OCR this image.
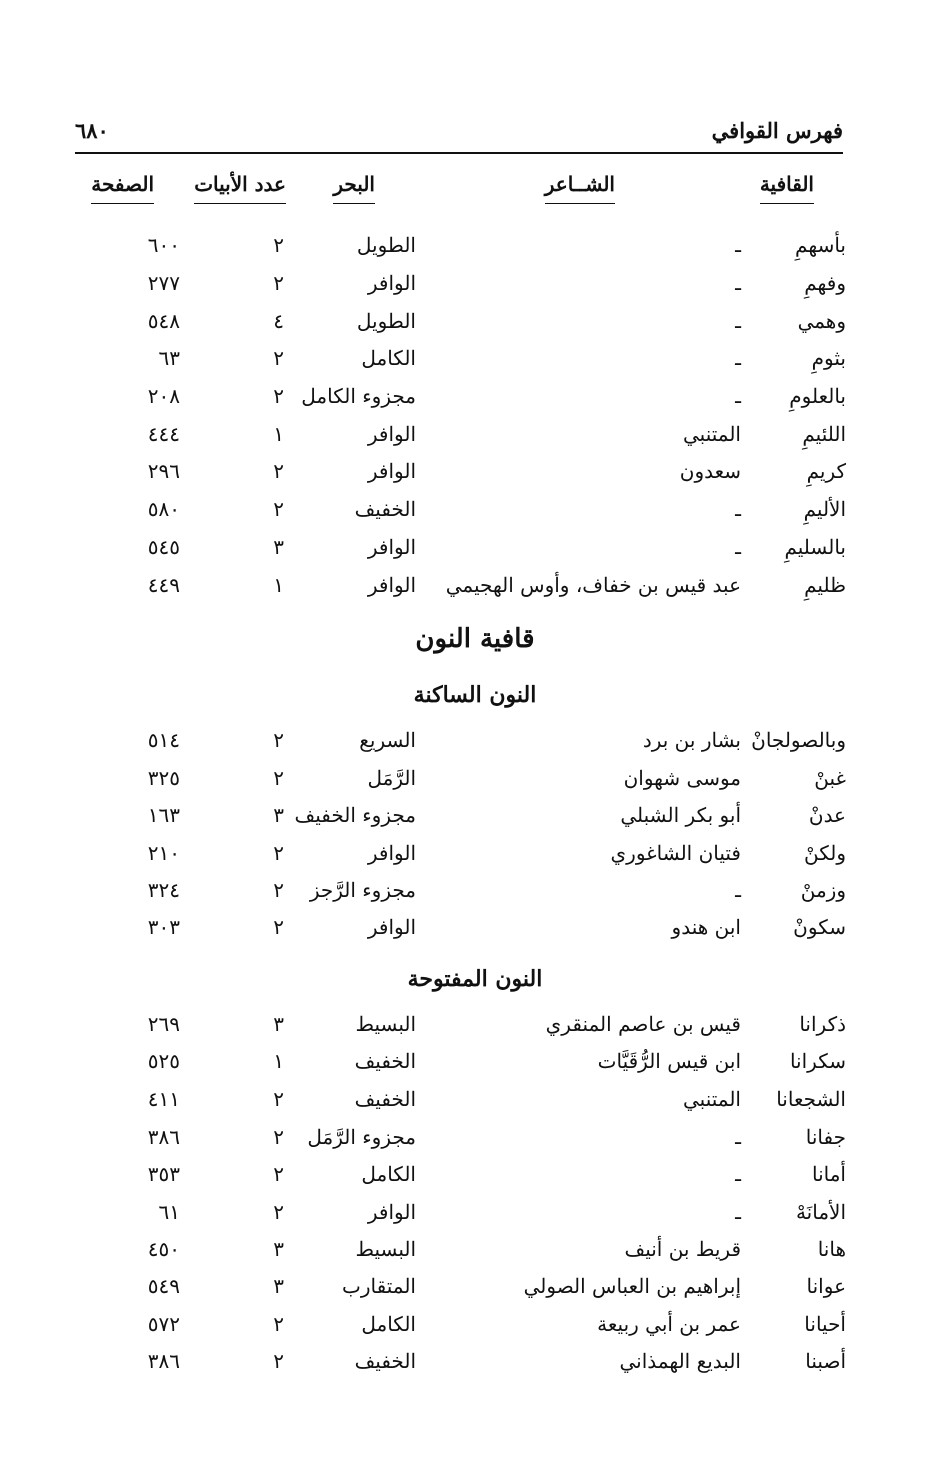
فهرس القوافي
٦٨٠
القافية
الشــاعر
البحر
عدد الأبيات
الصفحة
بأسهمِ
ـ
الطويل
٢
٦٠٠
وفهمِ
ـ
الوافر
٢
٢٧٧
وهمي
ـ
الطويل
٤
٥٤٨
بثومِ
ـ
الكامل
٢
٦٣
بالعلومِ
ـ
مجزوء الكامل
٢
٢٠٨
اللئيمِ
المتنبي
الوافر
١
٤٤٤
كريمِ
سعدون
الوافر
٢
٢٩٦
الأليمِ
ـ
الخفيف
٢
٥٨٠
بالسليمِ
ـ
الوافر
٣
٥٤٥
ظليمِ
عبد قيس بن خفاف، وأوس الهجيمي
الوافر
١
٤٤٩
قافية النون
النون الساكنة
وبالصولجانْ
بشار بن برد
السريع
٢
٥١٤
غبنْ
موسى شهوان
الرَّمَل
٢
٣٢٥
عدنْ
أبو بكر الشبلي
مجزوء الخفيف
٣
١٦٣
ولكنْ
فتيان الشاغوري
الوافر
٢
٢١٠
وزمنْ
ـ
مجزوء الرَّجز
٢
٣٢٤
سكونْ
ابن هندو
الوافر
٢
٣٠٣
النون المفتوحة
ذكرانا
قيس بن عاصم المنقري
البسيط
٣
٢٦٩
سكرانا
ابن قيس الرُّقَيَّات
الخفيف
١
٥٢٥
الشجعانا
المتنبي
الخفيف
٢
٤١١
جفانا
ـ
مجزوء الرَّمَل
٢
٣٨٦
أمانا
ـ
الكامل
٢
٣٥٣
الأمانَهْ
ـ
الوافر
٢
٦١
هانا
قريط بن أنيف
البسيط
٣
٤٥٠
عوانا
إبراهيم بن العباس الصولي
المتقارب
٣
٥٤٩
أحيانا
عمر بن أبي ربيعة
الكامل
٢
٥٧٢
أصبنا
البديع الهمذاني
الخفيف
٢
٣٨٦
